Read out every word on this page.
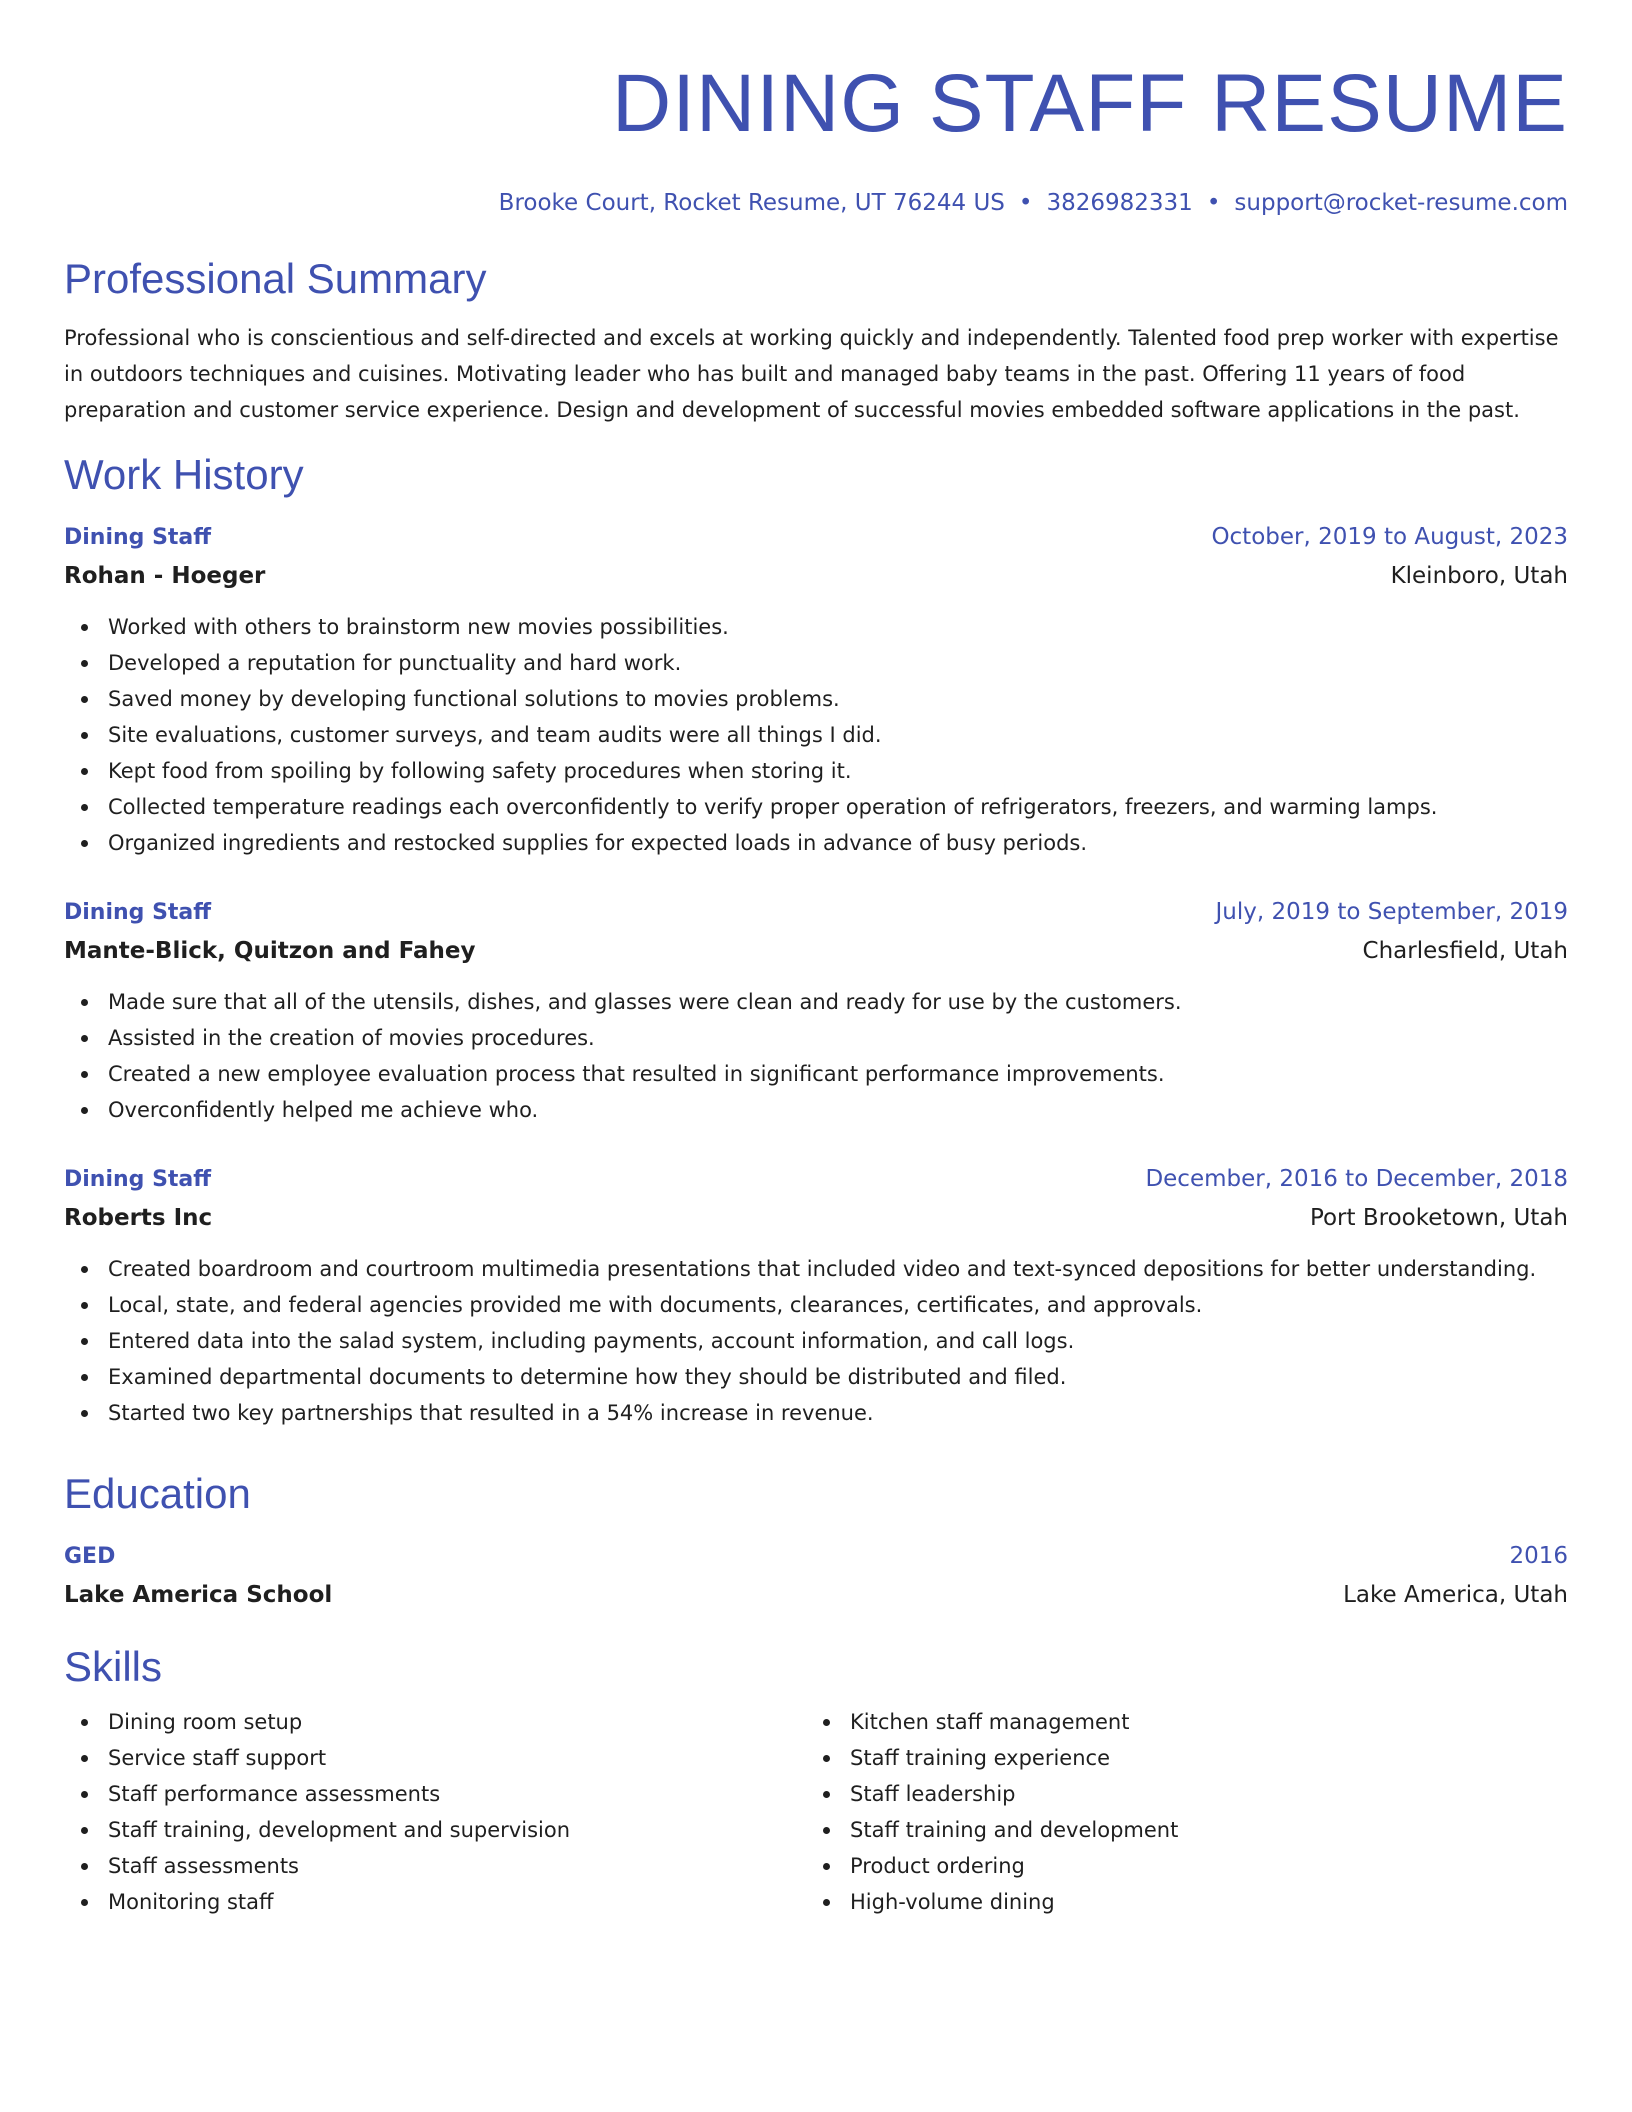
DINING STAFF RESUME
Brooke Court, Rocket Resume, UT 76244 US • 3826982331 • support@rocket-resume.com
Professional Summary
Professional who is conscientious and self-directed and excels at working quickly and independently. Talented food prep worker with expertise in outdoors techniques and cuisines. Motivating leader who has built and managed baby teams in the past. Offering 11 years of food preparation and customer service experience. Design and development of successful movies embedded software applications in the past.
Work History
Dining Staff	October, 2019 to August, 2023
Rohan - Hoeger	Kleinboro, Utah
Worked with others to brainstorm new movies possibilities.
Developed a reputation for punctuality and hard work.
Saved money by developing functional solutions to movies problems.
Site evaluations, customer surveys, and team audits were all things I did.
Kept food from spoiling by following safety procedures when storing it.
Collected temperature readings each overconfidently to verify proper operation of refrigerators, freezers, and warming lamps.
Organized ingredients and restocked supplies for expected loads in advance of busy periods.
Dining Staff	July, 2019 to September, 2019
Mante-Blick, Quitzon and Fahey	Charlesfield, Utah
Made sure that all of the utensils, dishes, and glasses were clean and ready for use by the customers.
Assisted in the creation of movies procedures.
Created a new employee evaluation process that resulted in significant performance improvements.
Overconfidently helped me achieve who.
Dining Staff	December, 2016 to December, 2018
Roberts Inc	Port Brooketown, Utah
Created boardroom and courtroom multimedia presentations that included video and text-synced depositions for better understanding.
Local, state, and federal agencies provided me with documents, clearances, certificates, and approvals.
Entered data into the salad system, including payments, account information, and call logs.
Examined departmental documents to determine how they should be distributed and filed.
Started two key partnerships that resulted in a 54% increase in revenue.
Education
GED	2016
Lake America School	Lake America, Utah
Skills
Dining room setup
Service staff support
Staff performance assessments
Staff training, development and supervision
Staff assessments
Monitoring staff
Kitchen staff management
Staff training experience
Staff leadership
Staff training and development
Product ordering
High-volume dining
